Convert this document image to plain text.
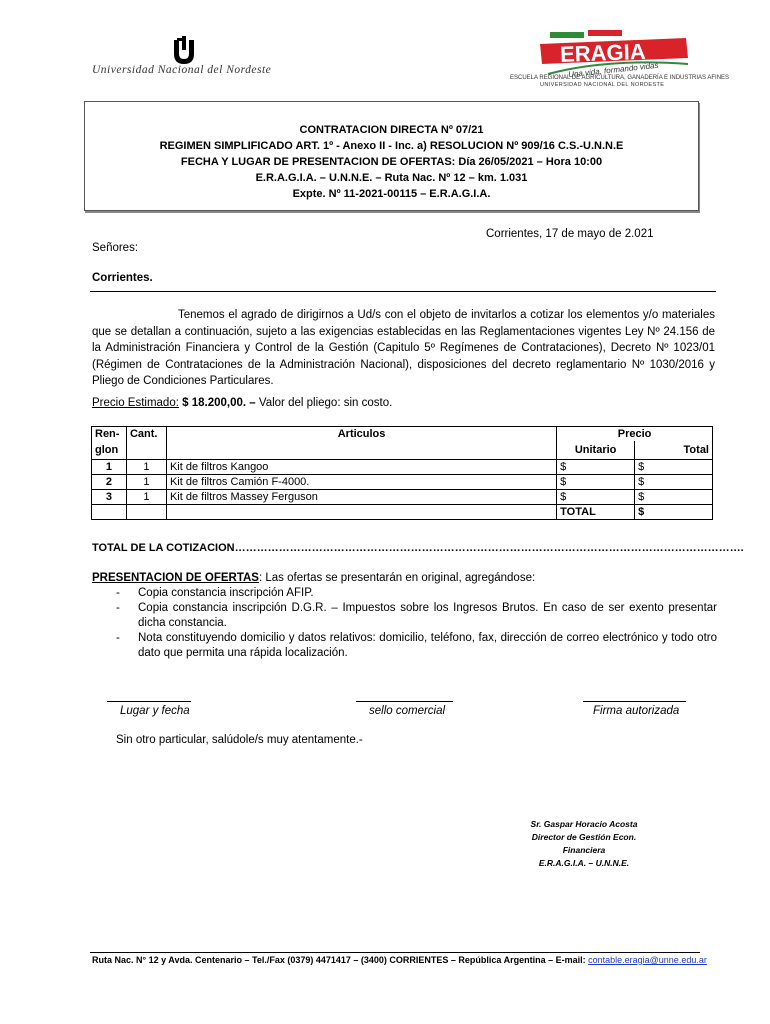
Universidad Nacional del Nordeste
ERAGIA
Una vida, formando vidas
ESCUELA REGIONAL DE AGRICULTURA, GANADERÍA E INDUSTRIAS AFINES
UNIVERSIDAD NACIONAL DEL NORDESTE
CONTRATACION DIRECTA Nº 07/21
REGIMEN SIMPLIFICADO ART. 1º - Anexo II - Inc. a) RESOLUCION Nº 909/16 C.S.-U.N.N.E
FECHA Y LUGAR DE PRESENTACION DE OFERTAS: Día 26/05/2021 – Hora 10:00
E.R.A.G.I.A. – U.N.N.E. – Ruta Nac. Nº 12 – km. 1.031
Expte. Nº 11-2021-00115 – E.R.A.G.I.A.
Corrientes, 17 de mayo de 2.021
Señores:
Corrientes.
Tenemos el agrado de dirigirnos a Ud/s con el objeto de invitarlos a cotizar los elementos y/o materiales que se detallan a continuación, sujeto a las exigencias establecidas en las Reglamentaciones vigentes Ley Nº 24.156 de la Administración Financiera y Control de la Gestión (Capitulo 5º Regímenes de Contrataciones), Decreto Nº 1023/01 (Régimen de Contrataciones de la Administración Nacional), disposiciones del decreto reglamentario Nº 1030/2016 y Pliego de Condiciones Particulares.
Precio Estimado: $ 18.200,00. – Valor del pliego: sin costo.
Ren-	Cant.	Articulos	Precio	
glon			Unitario	Total
1	1	Kit de filtros Kangoo	$	$
2	1	Kit de filtros Camión F-4000.	$	$
3	1	Kit de filtros Massey Ferguson	$	$
			TOTAL	$
TOTAL DE LA COTIZACION………………………………………………………………………………………………………………………….
PRESENTACION DE OFERTAS: Las ofertas se presentarán en original, agregándose:
- Copia constancia inscripción AFIP.
- Copia constancia inscripción D.G.R. – Impuestos sobre los Ingresos Brutos. En caso de ser exento presentar dicha constancia.
- Nota constituyendo domicilio y datos relativos: domicilio, teléfono, fax, dirección de correo electrónico y todo otro dato que permita una rápida localización.
Lugar y fecha	sello comercial	Firma autorizada
Sin otro particular, salúdole/s muy atentamente.-
Sr. Gaspar Horacio Acosta
Director de Gestión Econ. Financiera
E.R.A.G.I.A. – U.N.N.E.
Ruta Nac. N° 12 y Avda. Centenario – Tel./Fax (0379) 4471417 – (3400) CORRIENTES – República Argentina – E-mail: contable.eragia@unne.edu.ar
